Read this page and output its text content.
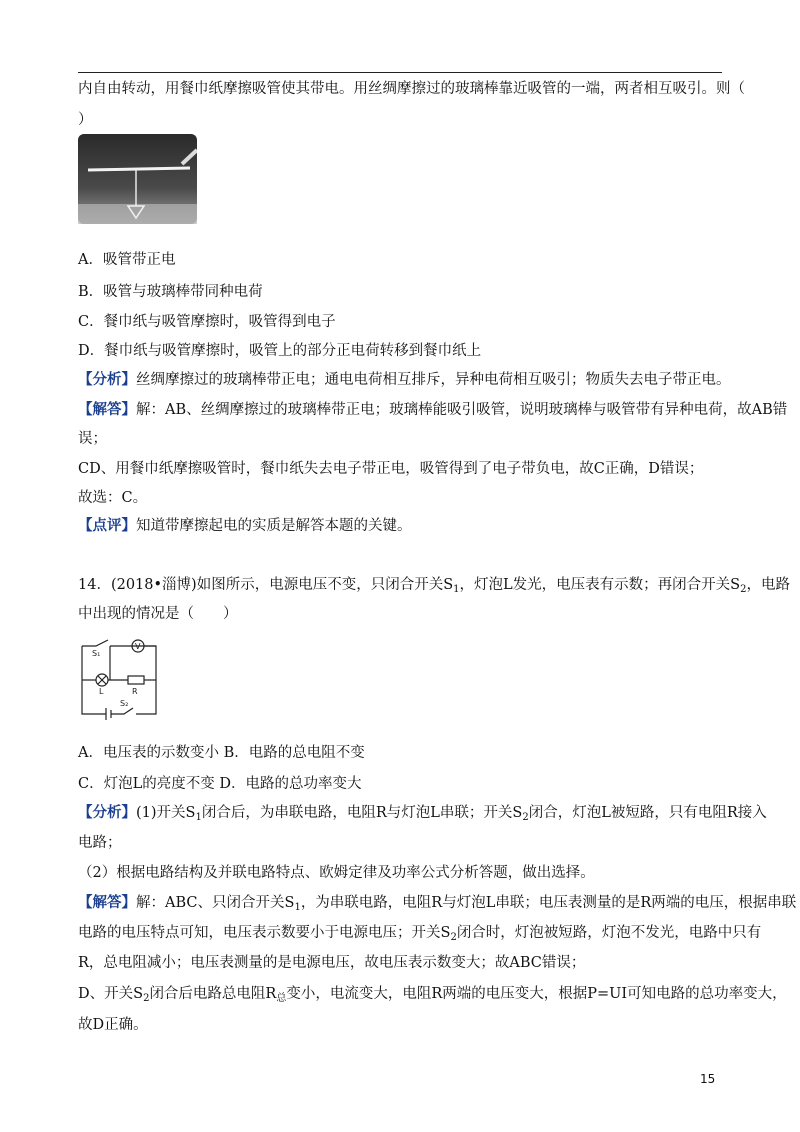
内自由转动，用餐巾纸摩擦吸管使其带电。用丝绸摩擦过的玻璃棒靠近吸管的一端，两者相互吸引。则（
）
A．吸管带正电
B．吸管与玻璃棒带同种电荷
C．餐巾纸与吸管摩擦时，吸管得到电子
D．餐巾纸与吸管摩擦时，吸管上的部分正电荷转移到餐巾纸上
【分析】丝绸摩擦过的玻璃棒带正电；通电电荷相互排斥，异种电荷相互吸引；物质失去电子带正电。
【解答】解：AB、丝绸摩擦过的玻璃棒带正电；玻璃棒能吸引吸管，说明玻璃棒与吸管带有异种电荷，故AB错
误；
CD、用餐巾纸摩擦吸管时，餐巾纸失去电子带正电，吸管得到了电子带负电，故C正确，D错误；
故选：C。
【点评】知道带摩擦起电的实质是解答本题的关键。
14．(2018•淄博)如图所示，电源电压不变，只闭合开关$S_1$，灯泡L发光，电压表有示数；再闭合开关$S_2$，电路
中出现的情况是（　　）
V
L	R
S₁
S₂
A．电压表的示数变小 B．电路的总电阻不变
C．灯泡L的亮度不变 D．电路的总功率变大
【分析】(1)开关$S_1$闭合后，为串联电路，电阻R与灯泡L串联；开关$S_2$闭合，灯泡L被短路，只有电阻R接入
电路；
（2）根据电路结构及并联电路特点、欧姆定律及功率公式分析答题，做出选择。
【解答】解：ABC、只闭合开关$S_1$，为串联电路，电阻R与灯泡L串联；电压表测量的是R两端的电压，根据串联
电路的电压特点可知，电压表示数要小于电源电压；开关$S_2$闭合时，灯泡被短路，灯泡不发光，电路中只有
R，总电阻减小；电压表测量的是电源电压，故电压表示数变大；故ABC错误；
D、开关$S_2$闭合后电路总电阻$R_总$变小，电流变大，电阻R两端的电压变大，根据P=UI可知电路的总功率变大，
故D正确。
15
